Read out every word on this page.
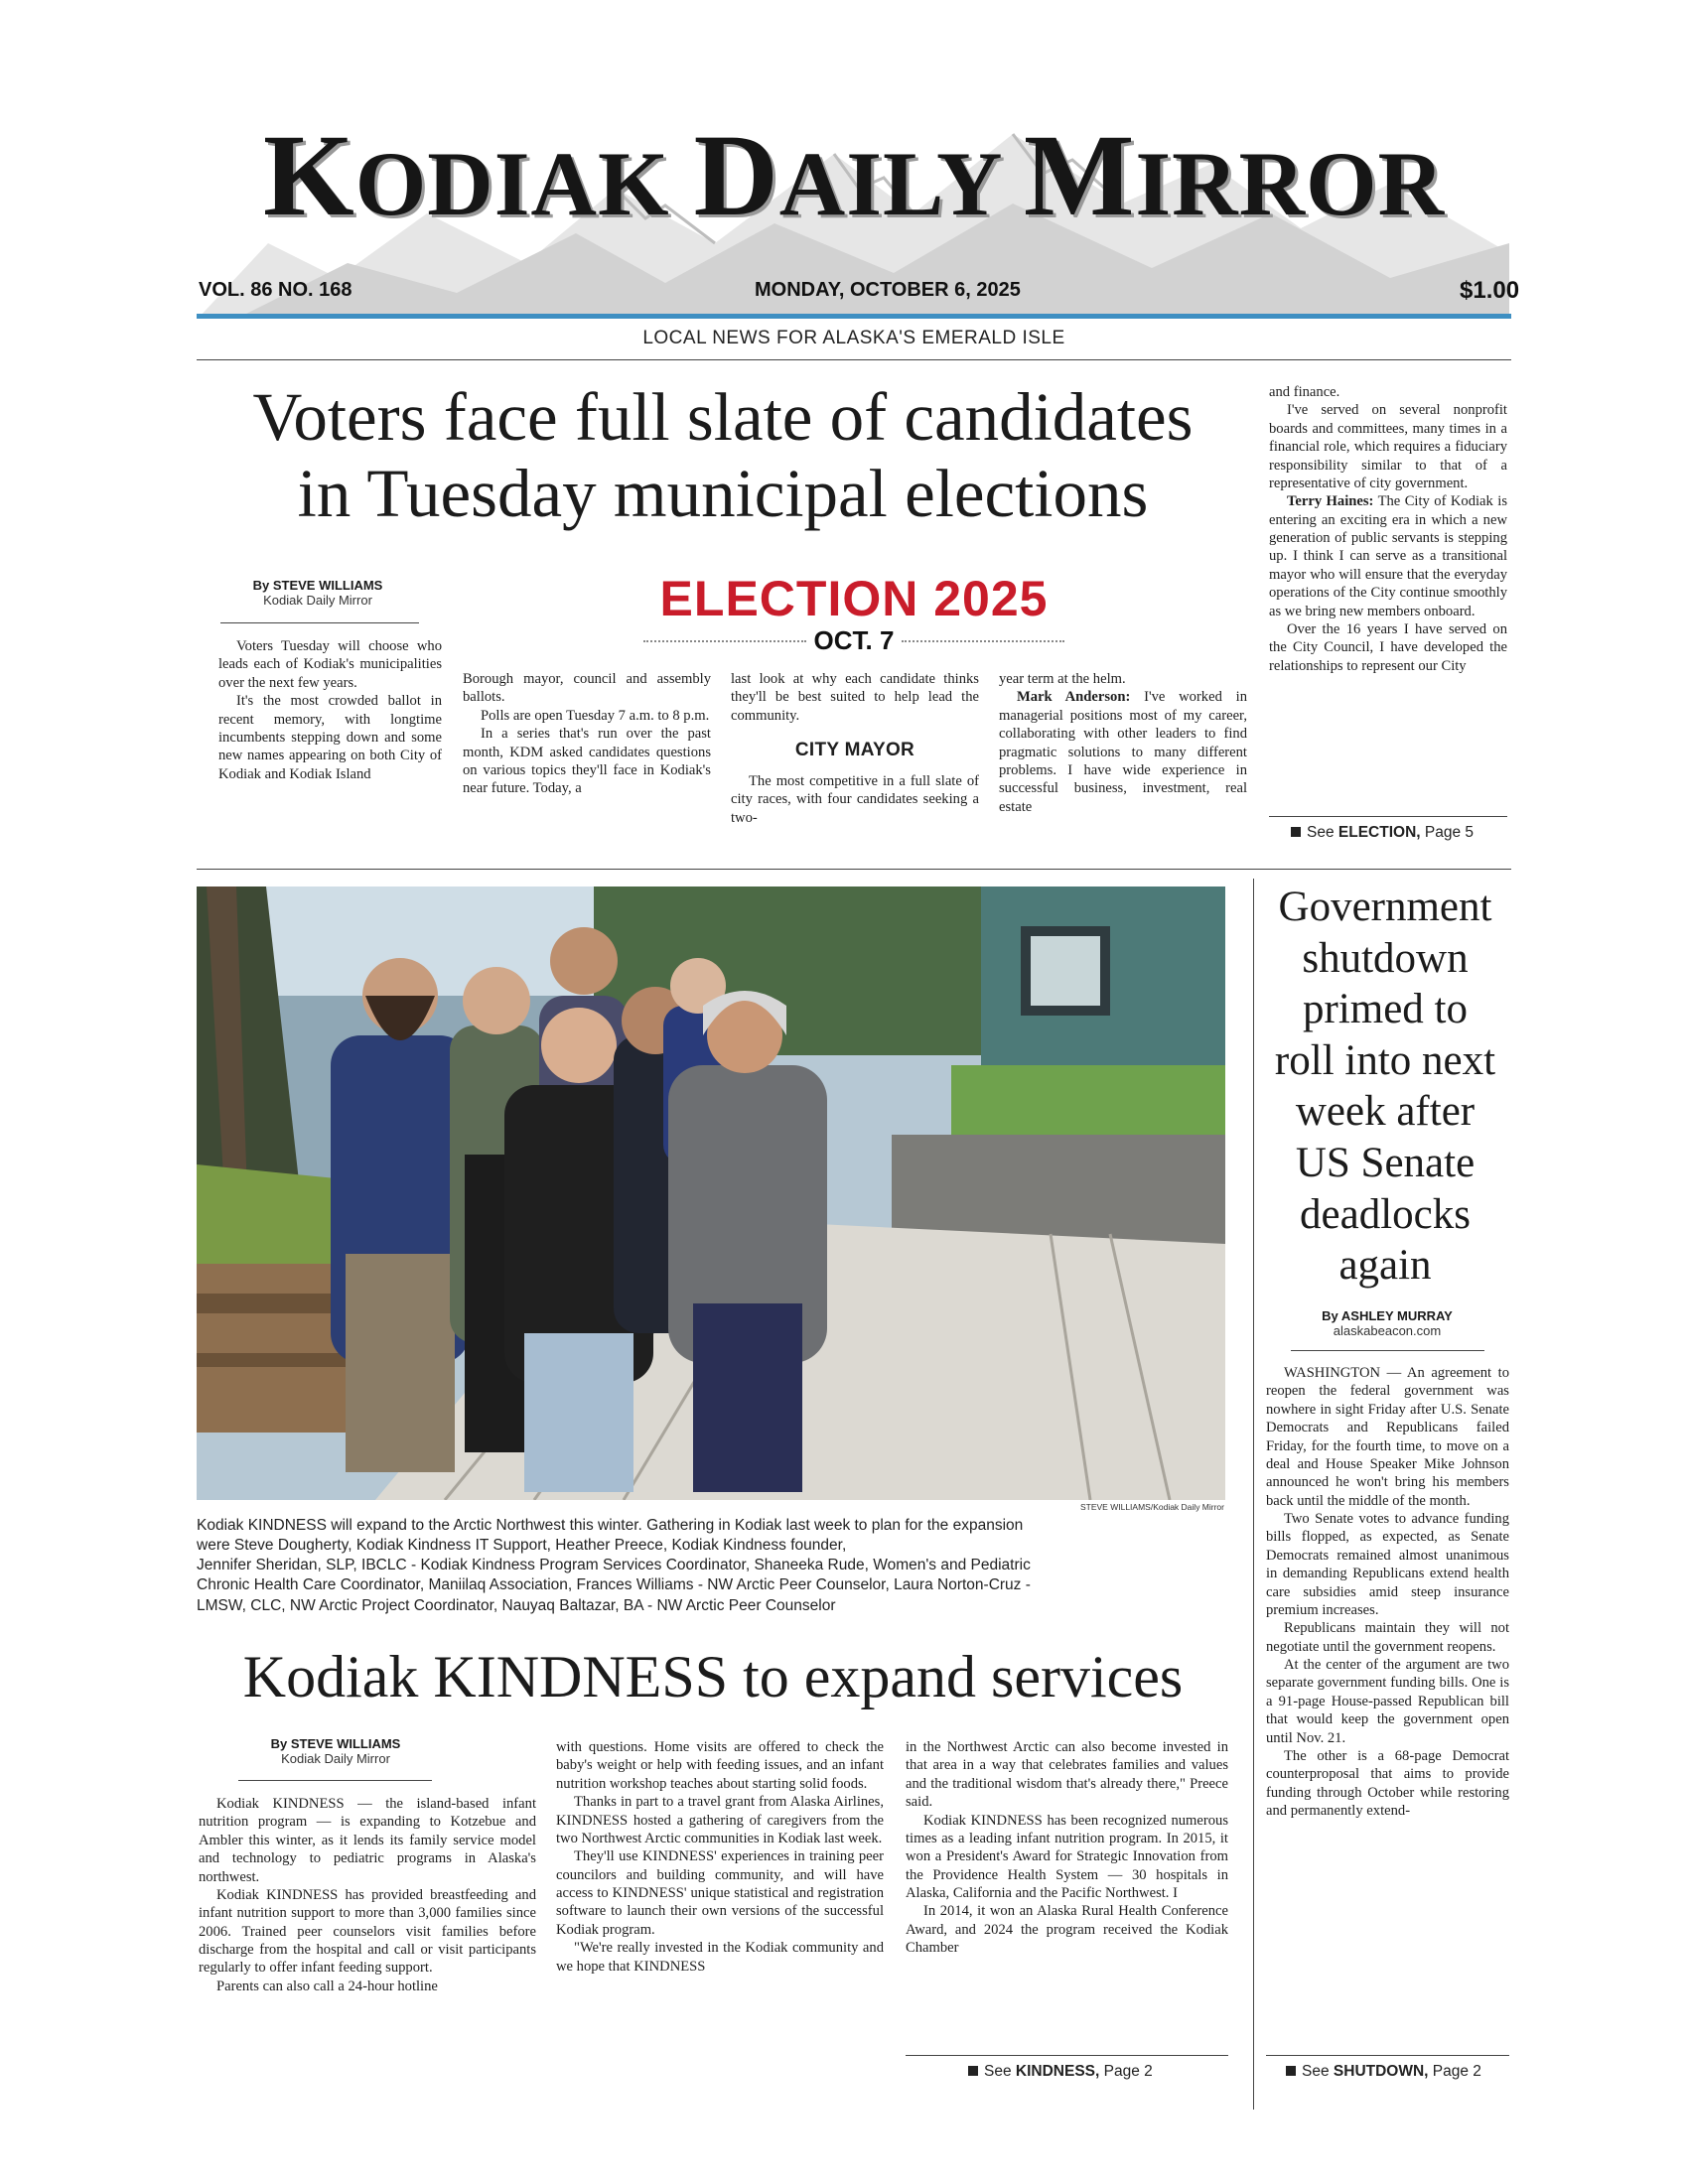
KODIAK DAILY MIRROR
VOL. 86 NO. 168	MONDAY, OCTOBER 6, 2025	$1.00
LOCAL NEWS FOR ALASKA'S EMERALD ISLE
Voters face full slate of candidates
in Tuesday municipal elections
By STEVE WILLIAMS
Kodiak Daily Mirror	ELECTION 2025
OCT. 7

Voters Tuesday will choose who leads each of Kodiak's municipalities over the next few years.

It's the most crowded ballot in recent memory, with longtime incumbents stepping down and some new names appearing on both City of Kodiak and Kodiak Island

Borough mayor, council and assembly ballots.

Polls are open Tuesday 7 a.m. to 8 p.m.

In a series that's run over the past month, KDM asked candidates questions on various topics they'll face in Kodiak's near future. Today, a

last look at why each candidate thinks they'll be best suited to help lead the community.

CITY MAYOR

The most competitive in a full slate of city races, with four candidates seeking a two-

year term at the helm.

Mark Anderson: I've worked in managerial positions most of my career, collaborating with other leaders to find pragmatic solutions to many different problems. I have wide experience in successful business, investment, real estate

and finance.

I've served on several nonprofit boards and committees, many times in a financial role, which requires a fiduciary responsibility similar to that of a representative of city government.

Terry Haines: The City of Kodiak is entering an exciting era in which a new generation of public servants is stepping up. I think I can serve as a transitional mayor who will ensure that the everyday operations of the City continue smoothly as we bring new members onboard.

Over the 16 years I have served on the City Council, I have developed the relationships to represent our City

See ELECTION, Page 5
STEVE WILLIAMS/Kodiak Daily Mirror
Kodiak KINDNESS will expand to the Arctic Northwest this winter. Gathering in Kodiak last week to plan for the expansion
were Steve Dougherty, Kodiak Kindness IT Support, Heather Preece, Kodiak Kindness founder,
Jennifer Sheridan, SLP, IBCLC - Kodiak Kindness Program Services Coordinator, Shaneeka Rude, Women's and Pediatric
Chronic Health Care Coordinator, Maniilaq Association, Frances Williams - NW Arctic Peer Counselor, Laura Norton-Cruz -
LMSW, CLC, NW Arctic Project Coordinator, Nauyaq Baltazar, BA - NW Arctic Peer Counselor
Kodiak KINDNESS to expand services
By STEVE WILLIAMS
Kodiak Daily Mirror

Kodiak KINDNESS — the island-based infant nutrition program — is expanding to Kotzebue and Ambler this winter, as it lends its family service model and technology to pediatric programs in Alaska's northwest.

Kodiak KINDNESS has provided breastfeeding and infant nutrition support to more than 3,000 families since 2006. Trained peer counselors visit families before discharge from the hospital and call or visit participants regularly to offer infant feeding support.

Parents can also call a 24-hour hotline

with questions. Home visits are offered to check the baby's weight or help with feeding issues, and an infant nutrition workshop teaches about starting solid foods.

Thanks in part to a travel grant from Alaska Airlines, KINDNESS hosted a gathering of caregivers from the two Northwest Arctic communities in Kodiak last week.

They'll use KINDNESS' experiences in training peer councilors and building community, and will have access to KINDNESS' unique statistical and registration software to launch their own versions of the successful Kodiak program.

"We're really invested in the Kodiak community and we hope that KINDNESS

in the Northwest Arctic can also become invested in that area in a way that celebrates families and values and the traditional wisdom that's already there," Preece said.

Kodiak KINDNESS has been recognized numerous times as a leading infant nutrition program. In 2015, it won a President's Award for Strategic Innovation from the Providence Health System — 30 hospitals in Alaska, California and the Pacific Northwest. I

In 2014, it won an Alaska Rural Health Conference Award, and 2024 the program received the Kodiak Chamber

See KINDNESS, Page 2
Government
shutdown
primed to
roll into next
week after
US Senate
deadlocks
again
By ASHLEY MURRAY
alaskabeacon.com

WASHINGTON — An agreement to reopen the federal government was nowhere in sight Friday after U.S. Senate Democrats and Republicans failed Friday, for the fourth time, to move on a deal and House Speaker Mike Johnson announced he won't bring his members back until the middle of the month.

Two Senate votes to advance funding bills flopped, as expected, as Senate Democrats remained almost unanimous in demanding Republicans extend health care subsidies amid steep insurance premium increases.

Republicans maintain they will not negotiate until the government reopens.

At the center of the argument are two separate government funding bills. One is a 91-page House-passed Republican bill that would keep the government open until Nov. 21.

The other is a 68-page Democrat counterproposal that aims to provide funding through October while restoring and permanently extend-

See SHUTDOWN, Page 2
